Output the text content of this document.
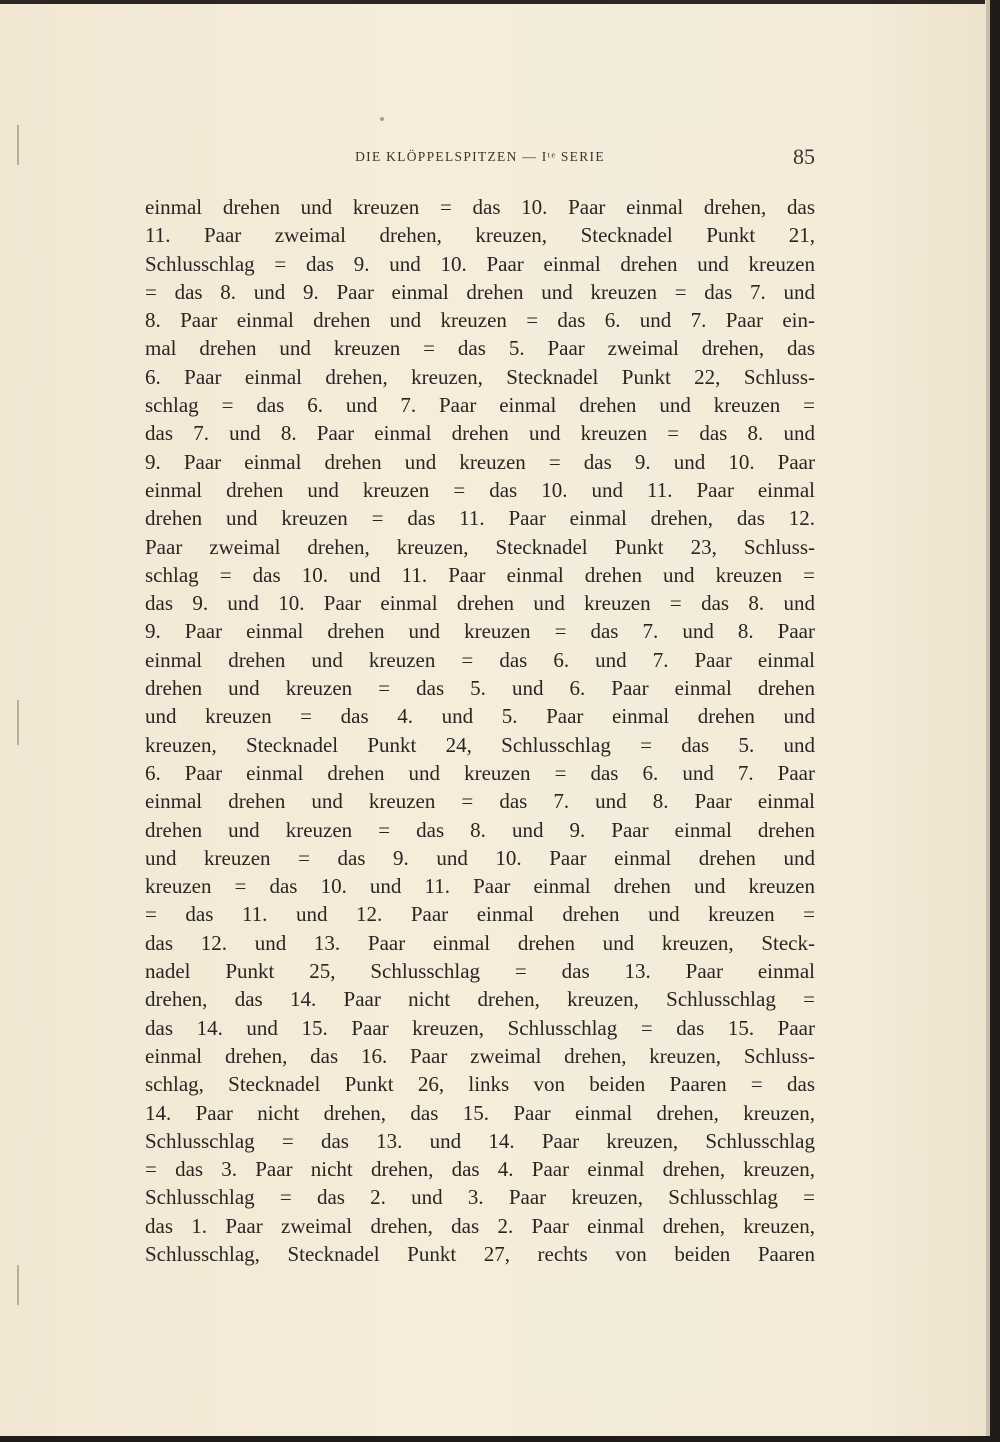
DIE KLÖPPELSPITZEN — Iᵗᵉ SERIE	85
einmal drehen und kreuzen = das 10. Paar einmal drehen, das
11. Paar zweimal drehen, kreuzen, Stecknadel Punkt 21,
Schlusschlag = das 9. und 10. Paar einmal drehen und kreuzen
= das 8. und 9. Paar einmal drehen und kreuzen = das 7. und
8. Paar einmal drehen und kreuzen = das 6. und 7. Paar ein-
mal drehen und kreuzen = das 5. Paar zweimal drehen, das
6. Paar einmal drehen, kreuzen, Stecknadel Punkt 22, Schluss-
schlag = das 6. und 7. Paar einmal drehen und kreuzen =
das 7. und 8. Paar einmal drehen und kreuzen = das 8. und
9. Paar einmal drehen und kreuzen = das 9. und 10. Paar
einmal drehen und kreuzen = das 10. und 11. Paar einmal
drehen und kreuzen = das 11. Paar einmal drehen, das 12.
Paar zweimal drehen, kreuzen, Stecknadel Punkt 23, Schluss-
schlag = das 10. und 11. Paar einmal drehen und kreuzen =
das 9. und 10. Paar einmal drehen und kreuzen = das 8. und
9. Paar einmal drehen und kreuzen = das 7. und 8. Paar
einmal drehen und kreuzen = das 6. und 7. Paar einmal
drehen und kreuzen = das 5. und 6. Paar einmal drehen
und kreuzen = das 4. und 5. Paar einmal drehen und
kreuzen, Stecknadel Punkt 24, Schlusschlag = das 5. und
6. Paar einmal drehen und kreuzen = das 6. und 7. Paar
einmal drehen und kreuzen = das 7. und 8. Paar einmal
drehen und kreuzen = das 8. und 9. Paar einmal drehen
und kreuzen = das 9. und 10. Paar einmal drehen und
kreuzen = das 10. und 11. Paar einmal drehen und kreuzen
= das 11. und 12. Paar einmal drehen und kreuzen =
das 12. und 13. Paar einmal drehen und kreuzen, Steck-
nadel Punkt 25, Schlusschlag = das 13. Paar einmal
drehen, das 14. Paar nicht drehen, kreuzen, Schlusschlag =
das 14. und 15. Paar kreuzen, Schlusschlag = das 15. Paar
einmal drehen, das 16. Paar zweimal drehen, kreuzen, Schluss-
schlag, Stecknadel Punkt 26, links von beiden Paaren = das
14. Paar nicht drehen, das 15. Paar einmal drehen, kreuzen,
Schlusschlag = das 13. und 14. Paar kreuzen, Schlusschlag
= das 3. Paar nicht drehen, das 4. Paar einmal drehen, kreuzen,
Schlusschlag = das 2. und 3. Paar kreuzen, Schlusschlag =
das 1. Paar zweimal drehen, das 2. Paar einmal drehen, kreuzen,
Schlusschlag, Stecknadel Punkt 27, rechts von beiden Paaren
